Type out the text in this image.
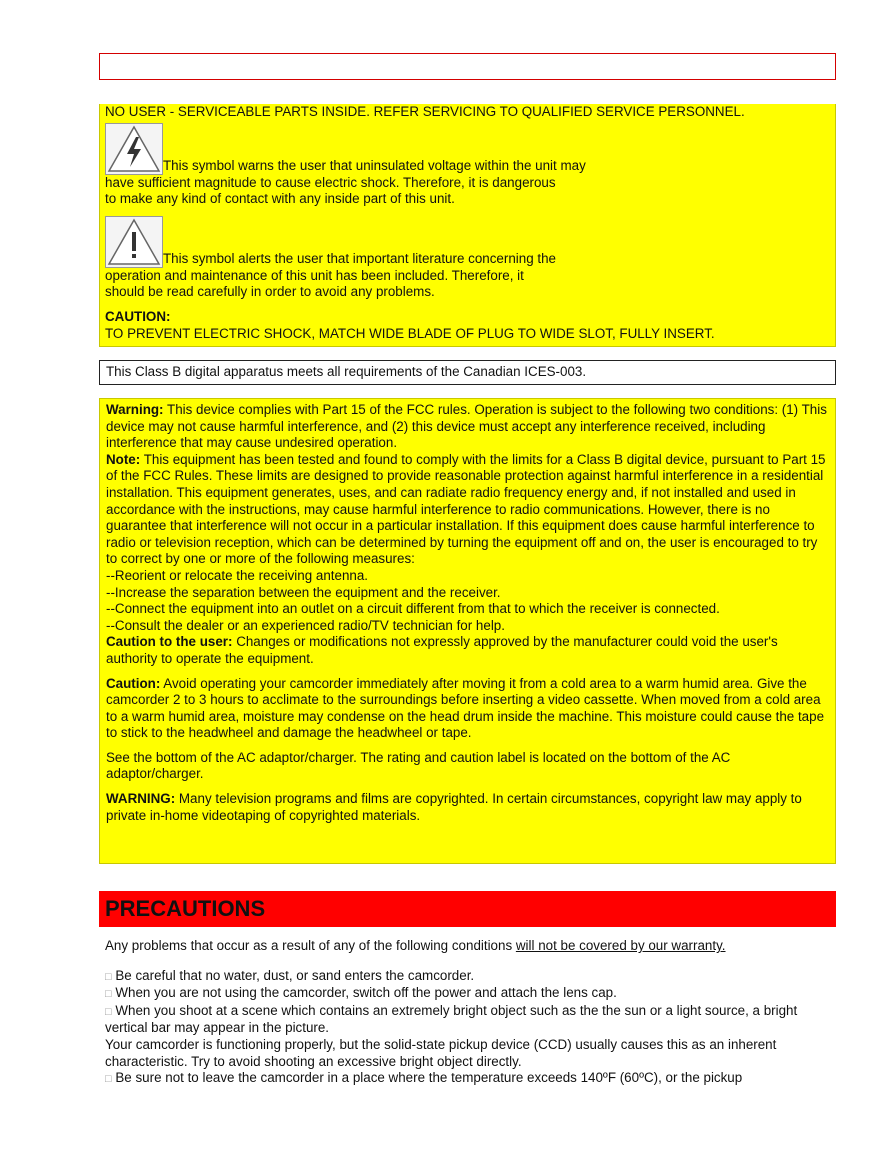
NO USER - SERVICEABLE PARTS INSIDE. REFER SERVICING TO QUALIFIED SERVICE PERSONNEL.
This symbol warns the user that uninsulated voltage within the unit may
have sufficient magnitude to cause electric shock. Therefore, it is dangerous
to make any kind of contact with any inside part of this unit.
This symbol alerts the user that important literature concerning the
operation and maintenance of this unit has been included. Therefore, it
should be read carefully in order to avoid any problems.
CAUTION:
TO PREVENT ELECTRIC SHOCK, MATCH WIDE BLADE OF PLUG TO WIDE SLOT, FULLY INSERT.
This Class B digital apparatus meets all requirements of the Canadian ICES-003.

Warning: This device complies with Part 15 of the FCC rules. Operation is subject to the following two conditions: (1) This device may not cause harmful interference, and (2) this device must accept any interference received, including interference that may cause undesired operation.

Note: This equipment has been tested and found to comply with the limits for a Class B digital device, pursuant to Part 15 of the FCC Rules. These limits are designed to provide reasonable protection against harmful interference in a residential installation. This equipment generates, uses, and can radiate radio frequency energy and, if not installed and used in accordance with the instructions, may cause harmful interference to radio communications. However, there is no guarantee that interference will not occur in a particular installation. If this equipment does cause harmful interference to radio or television reception, which can be determined by turning the equipment off and on, the user is encouraged to try to correct by one or more of the following measures:

--Reorient or relocate the receiving antenna.

--Increase the separation between the equipment and the receiver.

--Connect the equipment into an outlet on a circuit different from that to which the receiver is connected.

--Consult the dealer or an experienced radio/TV technician for help.

Caution to the user: Changes or modifications not expressly approved by the manufacturer could void the user's authority to operate the equipment.

Caution: Avoid operating your camcorder immediately after moving it from a cold area to a warm humid area. Give the camcorder 2 to 3 hours to acclimate to the surroundings before inserting a video cassette. When moved from a cold area to a warm humid area, moisture may condense on the head drum inside the machine. This moisture could cause the tape to stick to the headwheel and damage the headwheel or tape.

See the bottom of the AC adaptor/charger. The rating and caution label is located on the bottom of the AC adaptor/charger.

WARNING: Many television programs and films are copyrighted. In certain circumstances, copyright law may apply to private in-home videotaping of copyrighted materials.

PRECAUTIONS

Any problems that occur as a result of any of the following conditions will not be covered by our warranty.

□ Be careful that no water, dust, or sand enters the camcorder.

□ When you are not using the camcorder, switch off the power and attach the lens cap.

□ When you shoot at a scene which contains an extremely bright object such as the the sun or a light source, a bright vertical bar may appear in the picture.

Your camcorder is functioning properly, but the solid-state pickup device (CCD) usually causes this as an inherent characteristic. Try to avoid shooting an excessive bright object directly.

□ Be sure not to leave the camcorder in a place where the temperature exceeds 140ºF (60ºC), or the pickup
